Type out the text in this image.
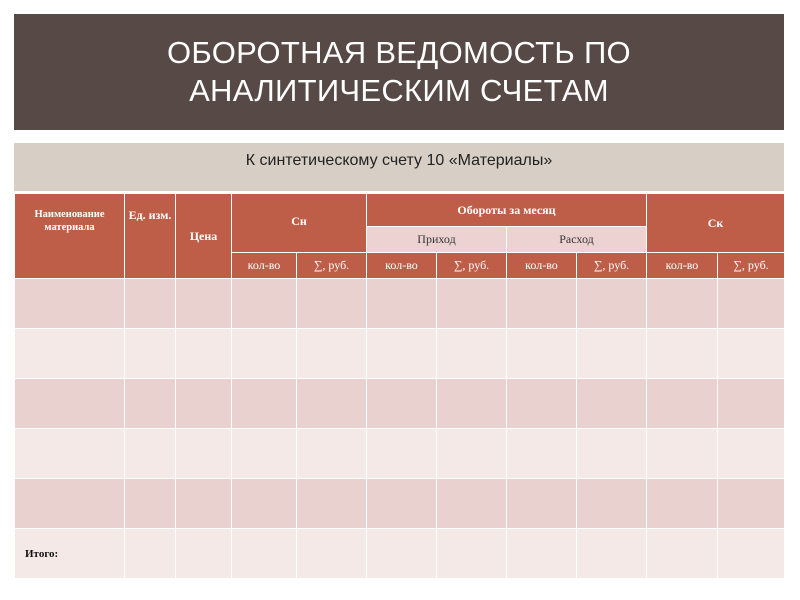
ОБОРОТНАЯ ВЕДОМОСТЬ ПО
АНАЛИТИЧЕСКИМ СЧЕТАМ
К синтетическому счету 10 «Материалы»
Наименование материала	Ед. изм.	Цена	Сн		Обороты за месяц				Ск	
					Приход		Расход			
			кол-во	∑, руб.	кол-во	∑, руб.	кол-во	∑, руб.	кол-во	∑, руб.

Итого:										
